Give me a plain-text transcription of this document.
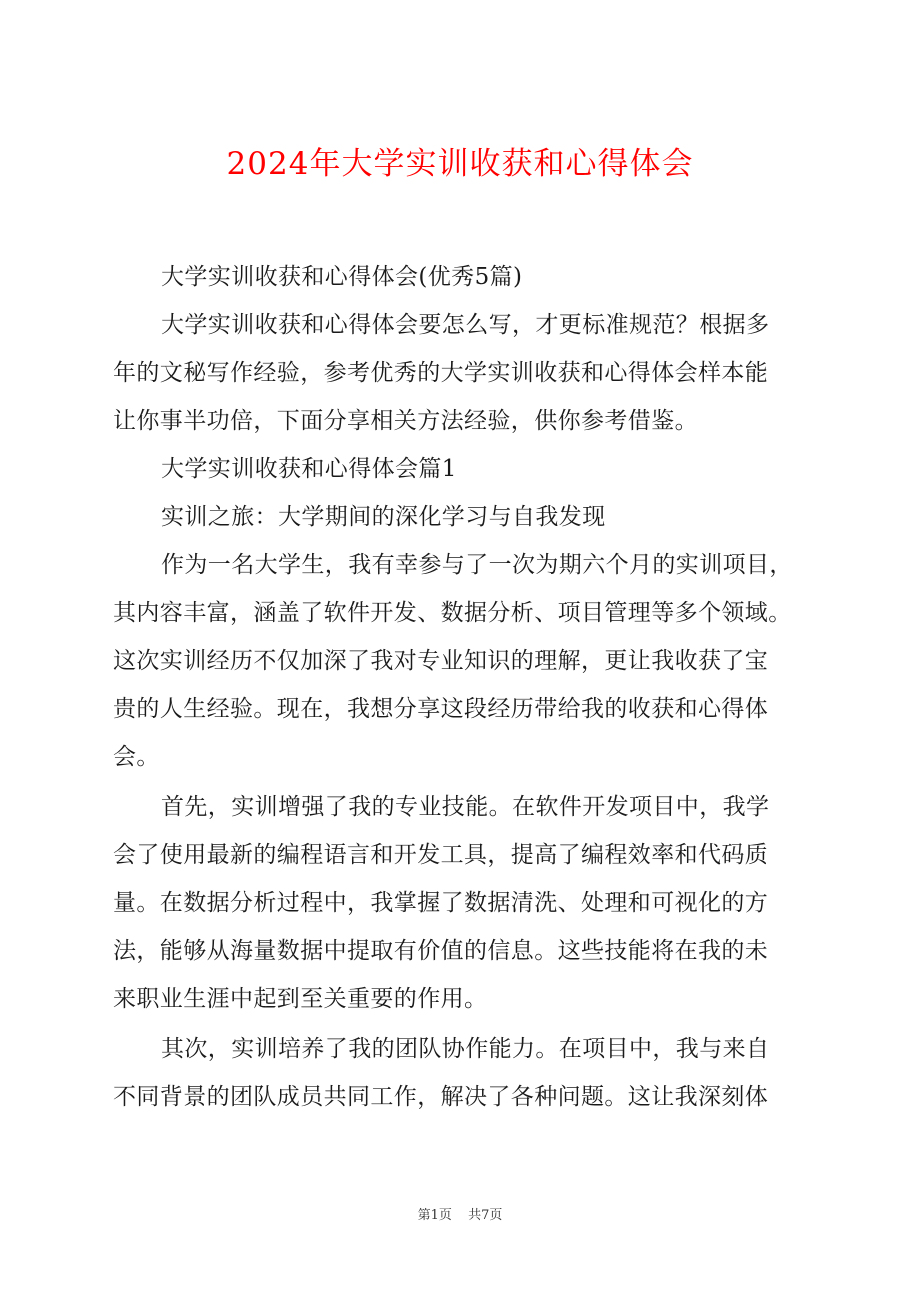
2024年大学实训收获和心得体会
大学实训收获和心得体会(优秀5篇)
大学实训收获和心得体会要怎么写，才更标准规范？根据多
年的文秘写作经验，参考优秀的大学实训收获和心得体会样本能
让你事半功倍，下面分享相关方法经验，供你参考借鉴。
大学实训收获和心得体会篇1
实训之旅：大学期间的深化学习与自我发现
作为一名大学生，我有幸参与了一次为期六个月的实训项目，
其内容丰富，涵盖了软件开发、数据分析、项目管理等多个领域。
这次实训经历不仅加深了我对专业知识的理解，更让我收获了宝
贵的人生经验。现在，我想分享这段经历带给我的收获和心得体
会。
首先，实训增强了我的专业技能。在软件开发项目中，我学
会了使用最新的编程语言和开发工具，提高了编程效率和代码质
量。在数据分析过程中，我掌握了数据清洗、处理和可视化的方
法，能够从海量数据中提取有价值的信息。这些技能将在我的未
来职业生涯中起到至关重要的作用。
其次，实训培养了我的团队协作能力。在项目中，我与来自
不同背景的团队成员共同工作，解决了各种问题。这让我深刻体
第1页 共7页
